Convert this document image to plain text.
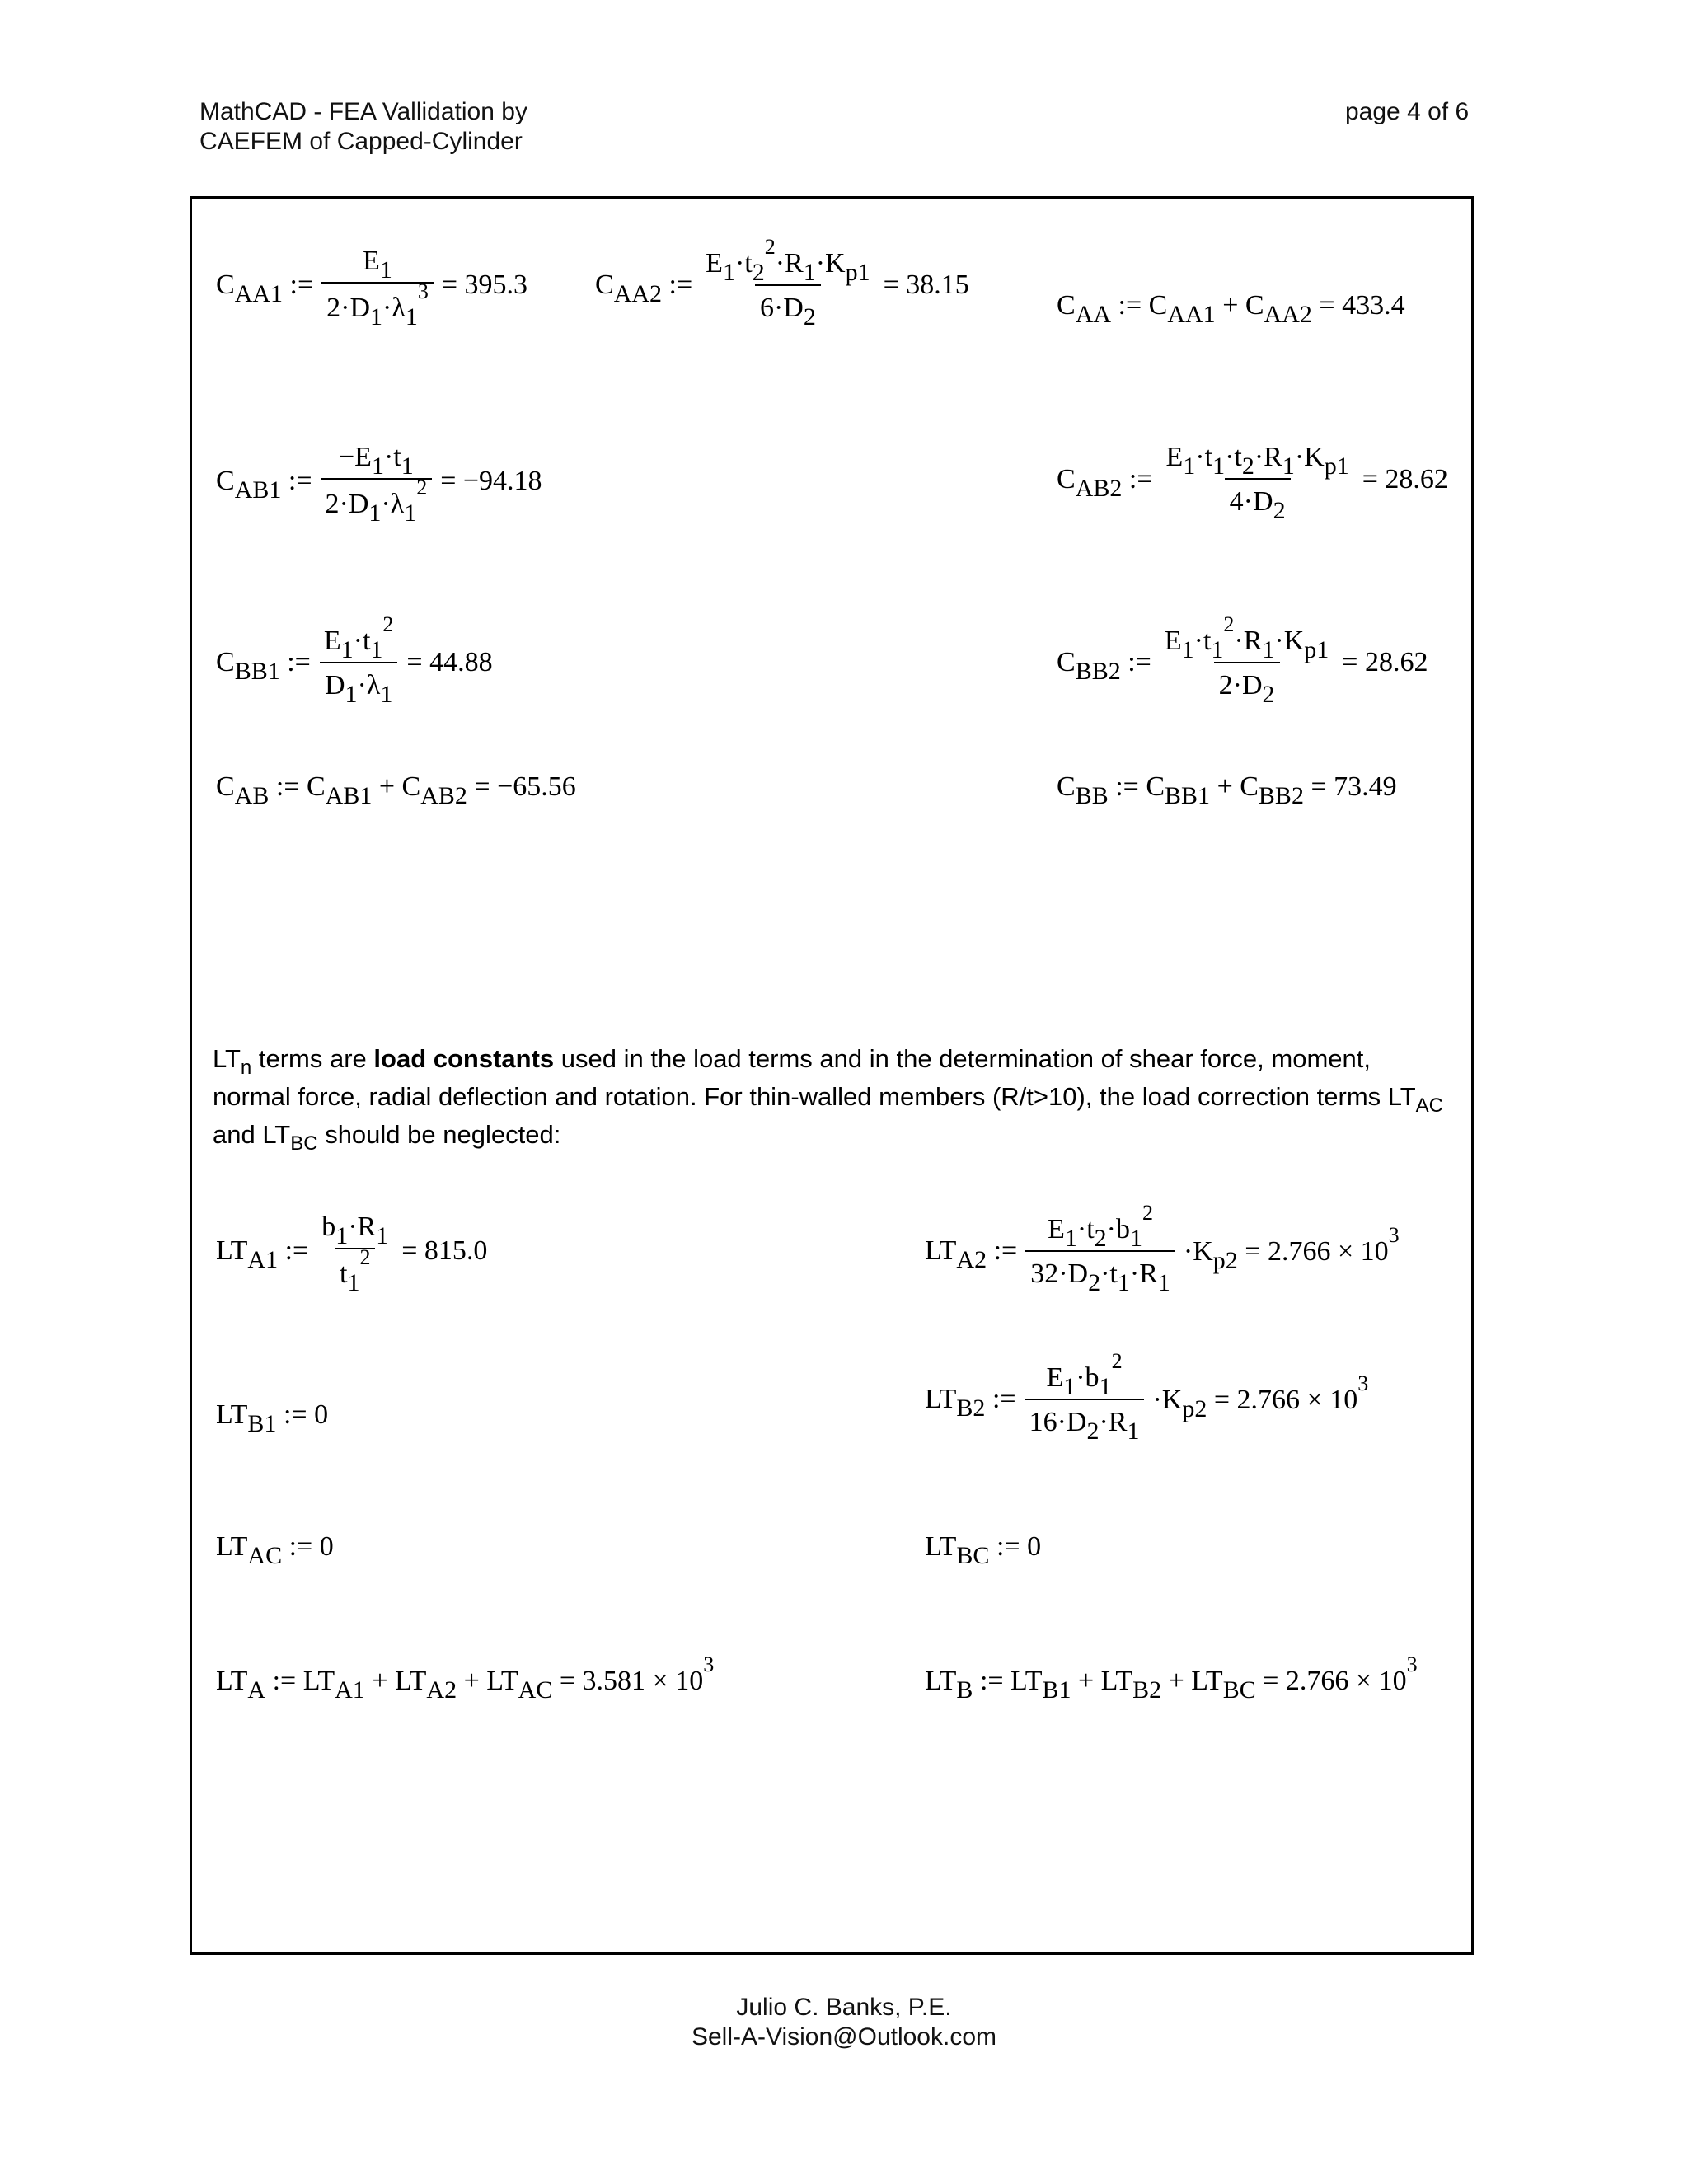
MathCAD - FEA Vallidation by
CAEFEM of Capped-Cylinder
page 4 of 6
$C_{AA1}$ := $\frac{E_1}{2\cdot D_1\cdot\lambda_1^3} = 395.3$ $C_{AA2}$ := $\frac{E_1\cdot t_2^2\cdot R_1\cdot K_{p1}}{6\cdot D_2} = 38.15$
$C_{AA}$ := $C_{AA1} + C_{AA2} = 433.4$
$C_{AB1}$ := $\frac{-E_1\cdot t_1}{2\cdot D_1\cdot\lambda_1^2} = -94.18$	$C_{AB2}$ := $\frac{E_1\cdot t_1\cdot t_2\cdot R_1\cdot K_{p1}}{4\cdot D_2} = 28.62$
$C_{BB1}$ := $\frac{E_1\cdot t_1^2}{D_1\cdot\lambda_1} = 44.88$	$C_{BB2}$ := $\frac{E_1\cdot t_1^2\cdot R_1\cdot K_{p1}}{2\cdot D_2} = 28.62$
$C_{AB}$ := $C_{AB1} + C_{AB2} = -65.56$	$C_{BB}$ := $C_{BB1} + C_{BB2} = 73.49$
$LT_n$ terms are load constants used in the load terms and in the determination of shear force, moment, normal force, radial deflection and rotation. For thin-walled members (R/t>10), the load correction terms $LT_{AC}$ and $LT_{BC}$ should be neglected:
$LT_{A1}$ := $\frac{b_1\cdot R_1}{t_1^2} = 815.0$	$LT_{A2}$ := $\frac{E_1\cdot t_2\cdot b_1^2}{32\cdot D_2\cdot t_1\cdot R_1} \cdot K_{p2} = 2.766 \times 10^3$
$LT_{B1}$ := 0
$LT_{B2}$ := $\frac{E_1\cdot b_1^2}{16\cdot D_2\cdot R_1} \cdot K_{p2} = 2.766 \times 10^3$
$LT_{AC}$ := 0	$LT_{BC}$ := 0
$LT_A$ := $LT_{A1} + LT_{A2} + LT_{AC} = 3.581 \times 10^3$
$LT_B$ := $LT_{B1} + LT_{B2} + LT_{BC} = 2.766 \times 10^3$
Julio C. Banks, P.E.
Sell-A-Vision@Outlook.com
